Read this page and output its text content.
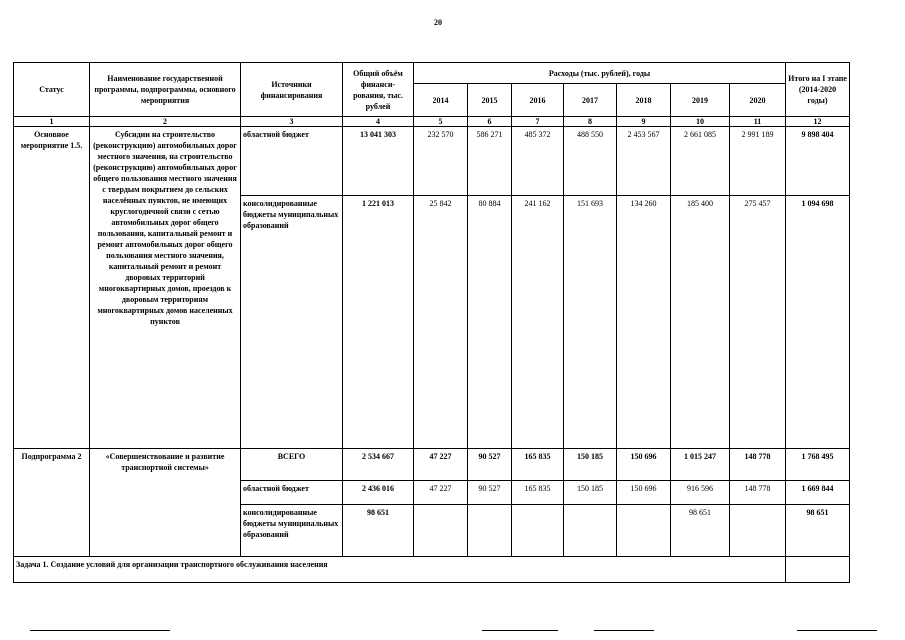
20
Статус	Наименование государственной программы, подпрограммы, основного мероприятия	Источники финансирования	Общий объём финанси-рования, тыс. рублей	Расходы (тыс. рублей), годы							Итого на I этапе (2014-2020 годы)
				2014	2015	2016	2017	2018	2019	2020	
1	2	3	4	5	6	7	8	9	10	11	12
Основное мероприятие 1.5.	Субсидии на строительство (реконструкцию) автомобильных дорог местного значения, на строительство (реконструкцию) автомобильных дорог общего пользования местного значения с твердым покрытием до сельских населённых пунктов, не имеющих круглогодичной связи с сетью автомобильных дорог общего пользования, капитальный ремонт и ремонт автомобильных дорог общего пользования местного значения, капитальный ремонт и ремонт дворовых территорий многоквартирных домов, проездов к дворовым территориям многоквартирных домов населенных пунктов	областной бюджет	13 041 303	232 570	586 271	485 372	488 550	2 453 567	2 661 085	2 991 189	9 898 404
		консолидированные бюджеты муниципальных образований	1 221 013	25 842	80 884	241 162	151 693	134 260	185 400	275 457	1 094 698
Подпрограмма 2	«Совершенствование и развитие транспортной системы»	ВСЕГО	2 534 667	47 227	90 527	165 835	150 185	150 696	1 015 247	148 778	1 768 495
		областной бюджет	2 436 016	47 227	90 527	165 835	150 185	150 696	916 596	148 778	1 669 844
		консолидированные бюджеты муниципальных образований	98 651						98 651		98 651
Задача 1. Создание условий для организации транспортного обслуживания населения											
